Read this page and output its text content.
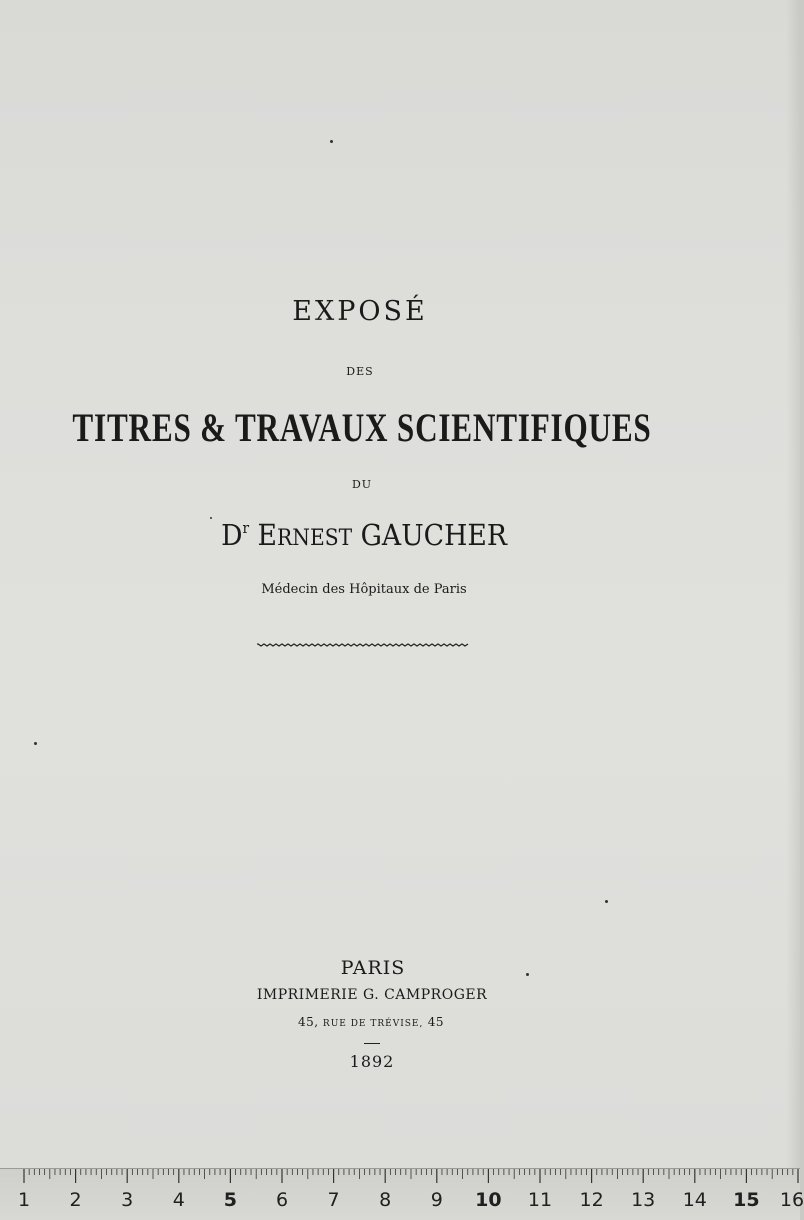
EXPOSÉ
DES
TITRES & TRAVAUX SCIENTIFIQUES
DU
$D^r$ ERNEST GAUCHER
Médecin des Hôpitaux de Paris
PARIS
IMPRIMERIE G. CAMPROGER
45, RUE DE TRÉVISE, 45
1892
1 2 3 4 5 6 7 8 9 10 11 12 13 14 15 16
